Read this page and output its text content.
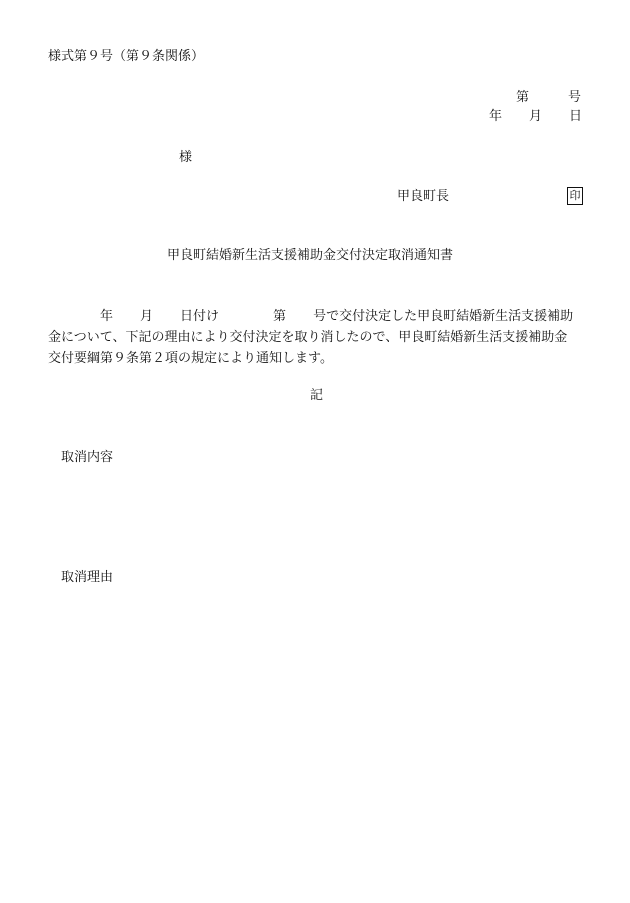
様式第９号（第９条関係）
第	号
年 月 日
様
甲良町長	印
甲良町結婚新生活支援補助金交付決定取消通知書
年 月 日付け	第 号で交付決定した甲良町結婚新生活支援補助
金について、下記の理由により交付決定を取り消したので、甲良町結婚新生活支援補助金
交付要綱第９条第２項の規定により通知します。
記
取消内容
取消理由
